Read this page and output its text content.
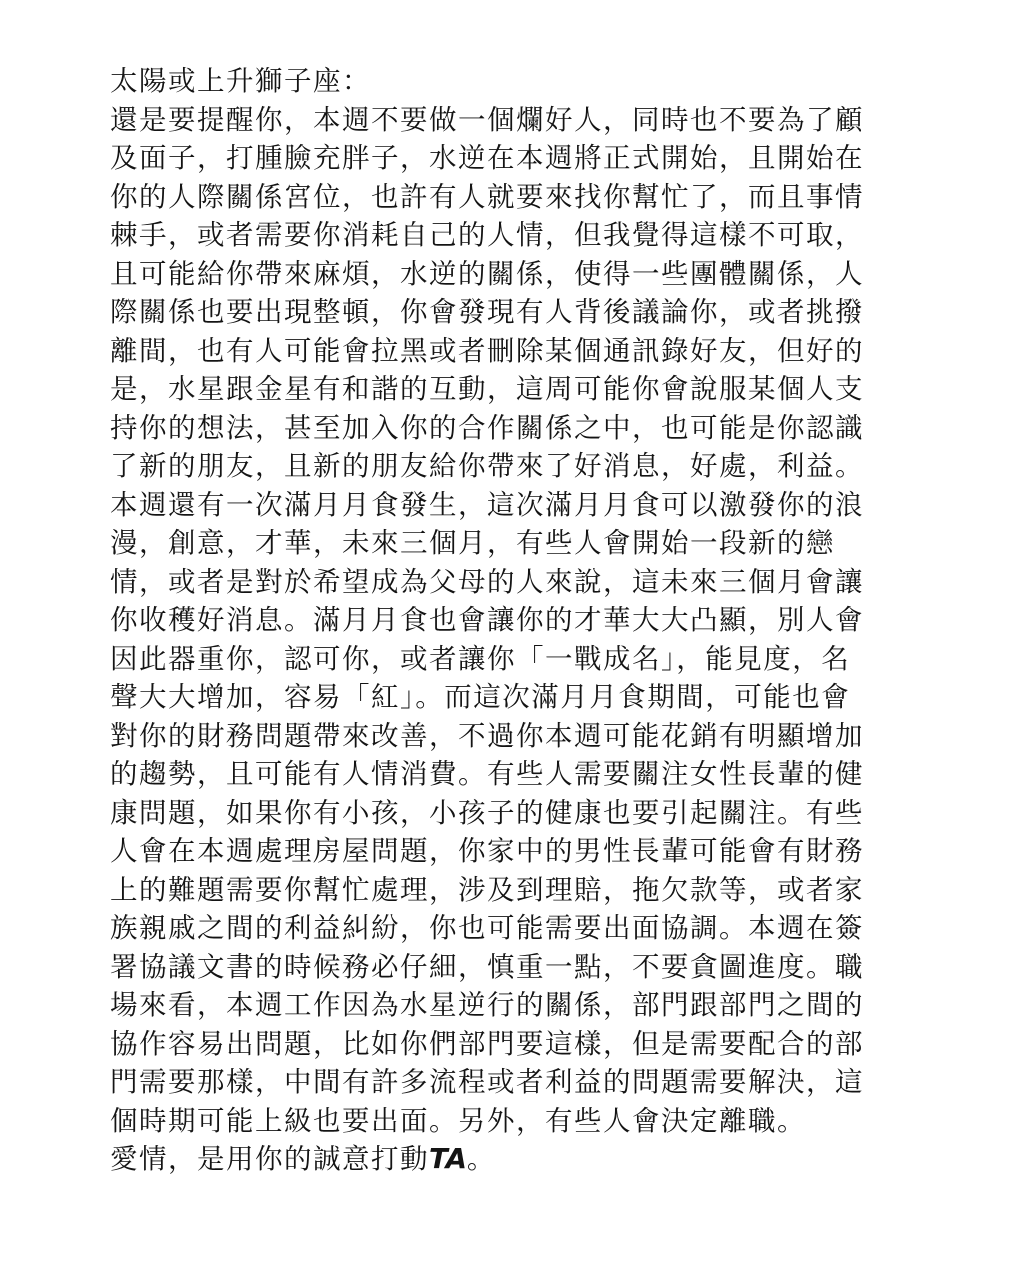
太陽或上升獅子座：
還是要提醒你，本週不要做一個爛好人，同時也不要為了顧
及面子，打腫臉充胖子，水逆在本週將正式開始，且開始在
你的人際關係宮位，也許有人就要來找你幫忙了，而且事情
棘手，或者需要你消耗自己的人情，但我覺得這樣不可取，
且可能給你帶來麻煩，水逆的關係，使得一些團體關係，人
際關係也要出現整頓，你會發現有人背後議論你，或者挑撥
離間，也有人可能會拉黑或者刪除某個通訊錄好友，但好的
是，水星跟金星有和諧的互動，這周可能你會說服某個人支
持你的想法，甚至加入你的合作關係之中，也可能是你認識
了新的朋友，且新的朋友給你帶來了好消息，好處，利益。
本週還有一次滿月月食發生，這次滿月月食可以激發你的浪
漫，創意，才華，未來三個月，有些人會開始一段新的戀
情，或者是對於希望成為父母的人來說，這未來三個月會讓
你收穫好消息。滿月月食也會讓你的才華大大凸顯，別人會
因此器重你，認可你，或者讓你「一戰成名」，能見度，名
聲大大增加，容易「紅」。而這次滿月月食期間，可能也會
對你的財務問題帶來改善，不過你本週可能花銷有明顯增加
的趨勢，且可能有人情消費。有些人需要關注女性長輩的健
康問題，如果你有小孩，小孩子的健康也要引起關注。有些
人會在本週處理房屋問題，你家中的男性長輩可能會有財務
上的難題需要你幫忙處理，涉及到理賠，拖欠款等，或者家
族親戚之間的利益糾紛，你也可能需要出面協調。本週在簽
署協議文書的時候務必仔細，慎重一點，不要貪圖進度。職
場來看，本週工作因為水星逆行的關係，部門跟部門之間的
協作容易出問題，比如你們部門要這樣，但是需要配合的部
門需要那樣，中間有許多流程或者利益的問題需要解決，這
個時期可能上級也要出面。另外，有些人會決定離職。
愛情，是用你的誠意打動TA。
